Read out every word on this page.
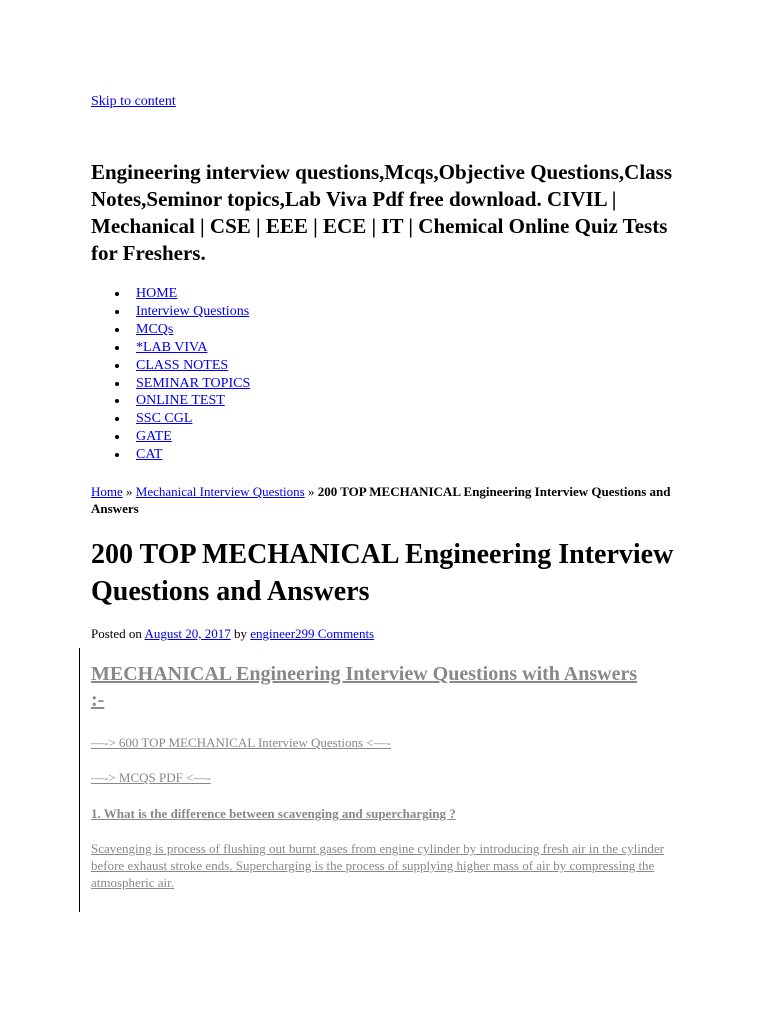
Skip to content
Engineering interview questions,Mcqs,Objective Questions,Class Notes,Seminor topics,Lab Viva Pdf free download. CIVIL | Mechanical | CSE | EEE | ECE | IT | Chemical Online Quiz Tests for Freshers.
HOME
Interview Questions
MCQs
*LAB VIVA
CLASS NOTES
SEMINAR TOPICS
ONLINE TEST
SSC CGL
GATE
CAT
Home » Mechanical Interview Questions » 200 TOP MECHANICAL Engineering Interview Questions and Answers
200 TOP MECHANICAL Engineering Interview Questions and Answers
Posted on August 20, 2017 by engineer299 Comments
MECHANICAL Engineering Interview Questions with Answers :-
—-> 600 TOP MECHANICAL Interview Questions <—-
—-> MCQS PDF <—-
1. What is the difference between scavenging and supercharging ?
Scavenging is process of flushing out burnt gases from engine cylinder by introducing fresh air in the cylinder before exhaust stroke ends. Supercharging is the process of supplying higher mass of air by compressing the atmospheric air.
